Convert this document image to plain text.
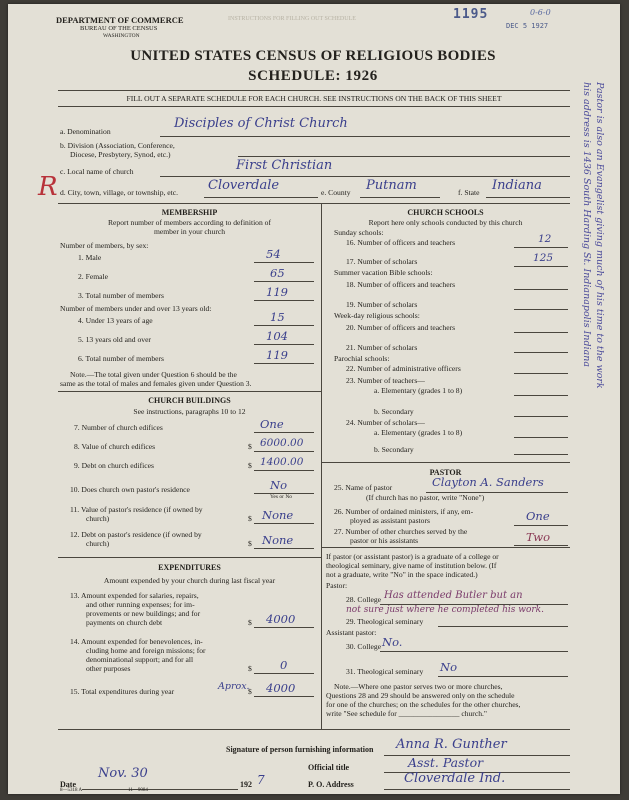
DEPARTMENT OF COMMERCE
BUREAU OF THE CENSUS
WASHINGTON
INSTRUCTIONS FOR FILLING OUT SCHEDULE	1195	0-6-0
DEC 5 1927
UNITED STATES CENSUS OF RELIGIOUS BODIES
SCHEDULE: 1926
FILL OUT A SEPARATE SCHEDULE FOR EACH CHURCH. SEE INSTRUCTIONS ON THE BACK OF THIS SHEET
a. Denomination
Disciples of Christ Church
b. Division (Association, Conference,
Diocese, Presbytery, Synod, etc.)
c. Local name of church	First Christian
R d. City, town, village, or township, etc. Cloverdale	e. County Putnam	f. State Indiana
MEMBERSHIP
Report number of members according to definition of
member in your church
Number of members, by sex:
1. Male	54
2. Female	65
3. Total number of members	119
Number of members under and over 13 years old:
4. Under 13 years of age	15
5. 13 years old and over	104
6. Total number of members	119
Note.—The total given under Question 6 should be the
same as the total of males and females given under Question 3.
CHURCH BUILDINGS
See instructions, paragraphs 10 to 12
7. Number of church edifices	One
8. Value of church edifices	$ 6000.00
9. Debt on church edifices	$ 1400.00
10. Does church own pastor's residence	No
Yes or No
11. Value of pastor's residence (if owned by
church)	$ None
12. Debt on pastor's residence (if owned by
church)	$ None
EXPENDITURES
Amount expended by your church during last fiscal year
13. Amount expended for salaries, repairs,
and other running expenses; for im-
provements or new buildings; and for
payments on church debt	$ 4000
14. Amount expended for benevolences, in-
cluding home and foreign missions; for
denominational support; and for all
other purposes	$ 0
15. Total expenditures during year	Aprox.
$ 4000
CHURCH SCHOOLS
Report here only schools conducted by this church
Sunday schools:
16. Number of officers and teachers	12
17. Number of scholars	125
Summer vacation Bible schools:
18. Number of officers and teachers
19. Number of scholars
Week-day religious schools:
20. Number of officers and teachers
21. Number of scholars
Parochial schools:
22. Number of administrative officers
23. Number of teachers—
a. Elementary (grades 1 to 8)
b. Secondary
24. Number of scholars—
a. Elementary (grades 1 to 8)
b. Secondary
PASTOR
25. Name of pastor	Clayton A. Sanders
(If church has no pastor, write "None")
26. Number of ordained ministers, if any, em-
ployed as assistant pastors	One
27. Number of other churches served by the
pastor or his assistants	Two
If pastor (or assistant pastor) is a graduate of a college or
theological seminary, give name of institution below. (If
not a graduate, write "No" in the space indicated.)
Pastor:
28. College Has attended Butler but an
not sure just where he completed his work.
29. Theological seminary
Assistant pastor:
30. College No.
31. Theological seminary No
Note.—Where one pastor serves two or more churches,
Questions 28 and 29 should be answered only on the schedule
for one of the churches; on the schedules for the other churches,
write "See schedule for ________________ church."
Pastor is also an Evangelist giving much of his time to the work
his address is 1436 South Harding St. Indianapolis Indiana
Signature of person furnishing information Anna R. Gunther
Official title	Asst. Pastor
Date
Nov. 30
192 7	P. O. Address	Cloverdale Ind.
8—5318 A	11—9084
